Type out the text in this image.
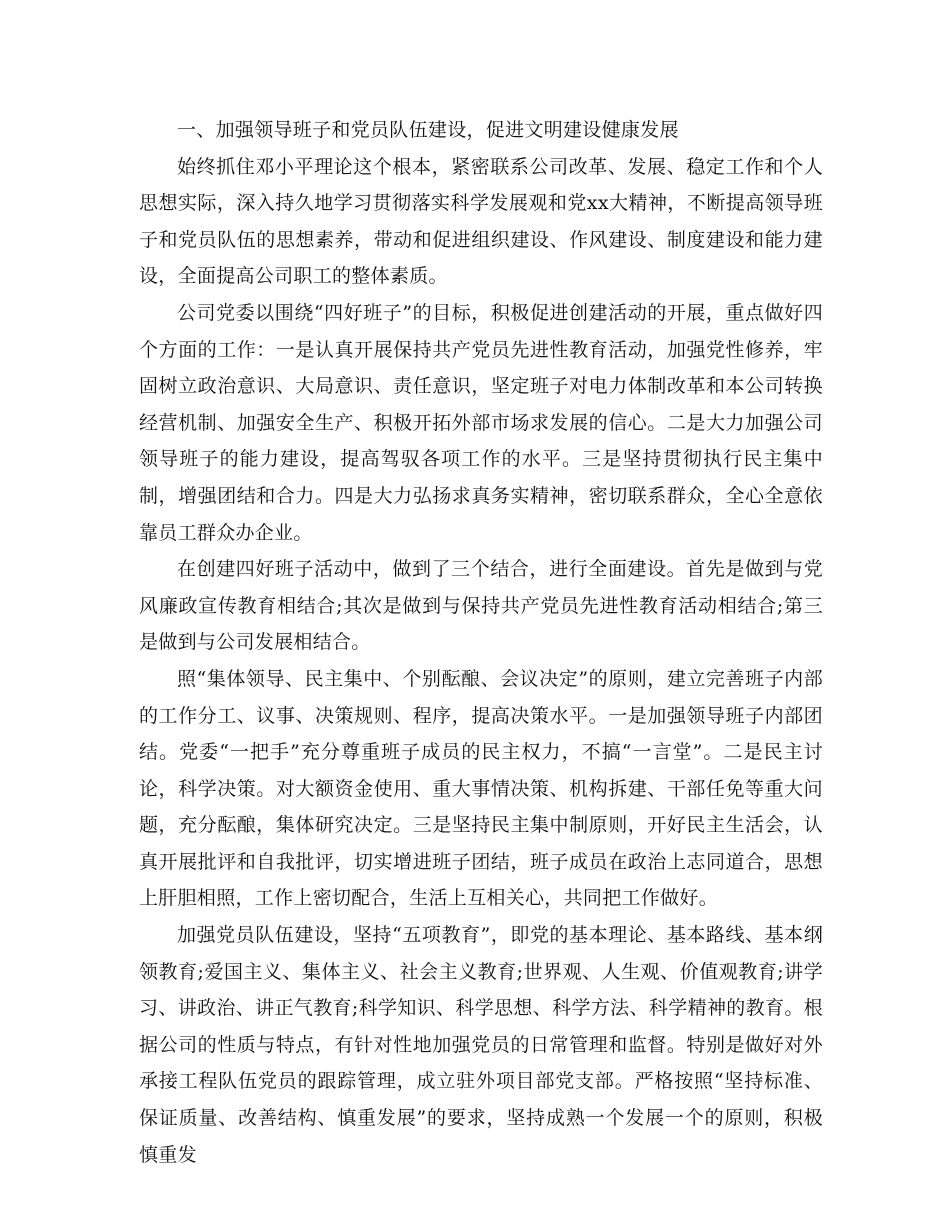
一、加强领导班子和党员队伍建设，促进文明建设健康发展

始终抓住邓小平理论这个根本，紧密联系公司改革、发展、稳定工作和个人思想实际，深入持久地学习贯彻落实科学发展观和党xx大精神，不断提高领导班子和党员队伍的思想素养，带动和促进组织建设、作风建设、制度建设和能力建设，全面提高公司职工的整体素质。

公司党委以围绕“四好班子”的目标，积极促进创建活动的开展，重点做好四个方面的工作：一是认真开展保持共产党员先进性教育活动，加强党性修养，牢固树立政治意识、大局意识、责任意识，坚定班子对电力体制改革和本公司转换经营机制、加强安全生产、积极开拓外部市场求发展的信心。二是大力加强公司领导班子的能力建设，提高驾驭各项工作的水平。三是坚持贯彻执行民主集中制，增强团结和合力。四是大力弘扬求真务实精神，密切联系群众，全心全意依靠员工群众办企业。

在创建四好班子活动中，做到了三个结合，进行全面建设。首先是做到与党风廉政宣传教育相结合;其次是做到与保持共产党员先进性教育活动相结合;第三是做到与公司发展相结合。

照“集体领导、民主集中、个别酝酿、会议决定”的原则，建立完善班子内部的工作分工、议事、决策规则、程序，提高决策水平。一是加强领导班子内部团结。党委“一把手”充分尊重班子成员的民主权力，不搞“一言堂”。二是民主讨论，科学决策。对大额资金使用、重大事情决策、机构拆建、干部任免等重大问题，充分酝酿，集体研究决定。三是坚持民主集中制原则，开好民主生活会，认真开展批评和自我批评，切实增进班子团结，班子成员在政治上志同道合，思想上肝胆相照，工作上密切配合，生活上互相关心，共同把工作做好。

加强党员队伍建设，坚持“五项教育”，即党的基本理论、基本路线、基本纲领教育;爱国主义、集体主义、社会主义教育;世界观、人生观、价值观教育;讲学习、讲政治、讲正气教育;科学知识、科学思想、科学方法、科学精神的教育。根据公司的性质与特点，有针对性地加强党员的日常管理和监督。特别是做好对外承接工程队伍党员的跟踪管理，成立驻外项目部党支部。严格按照“坚持标准、保证质量、改善结构、慎重发展”的要求，坚持成熟一个发展一个的原则，积极慎重发
